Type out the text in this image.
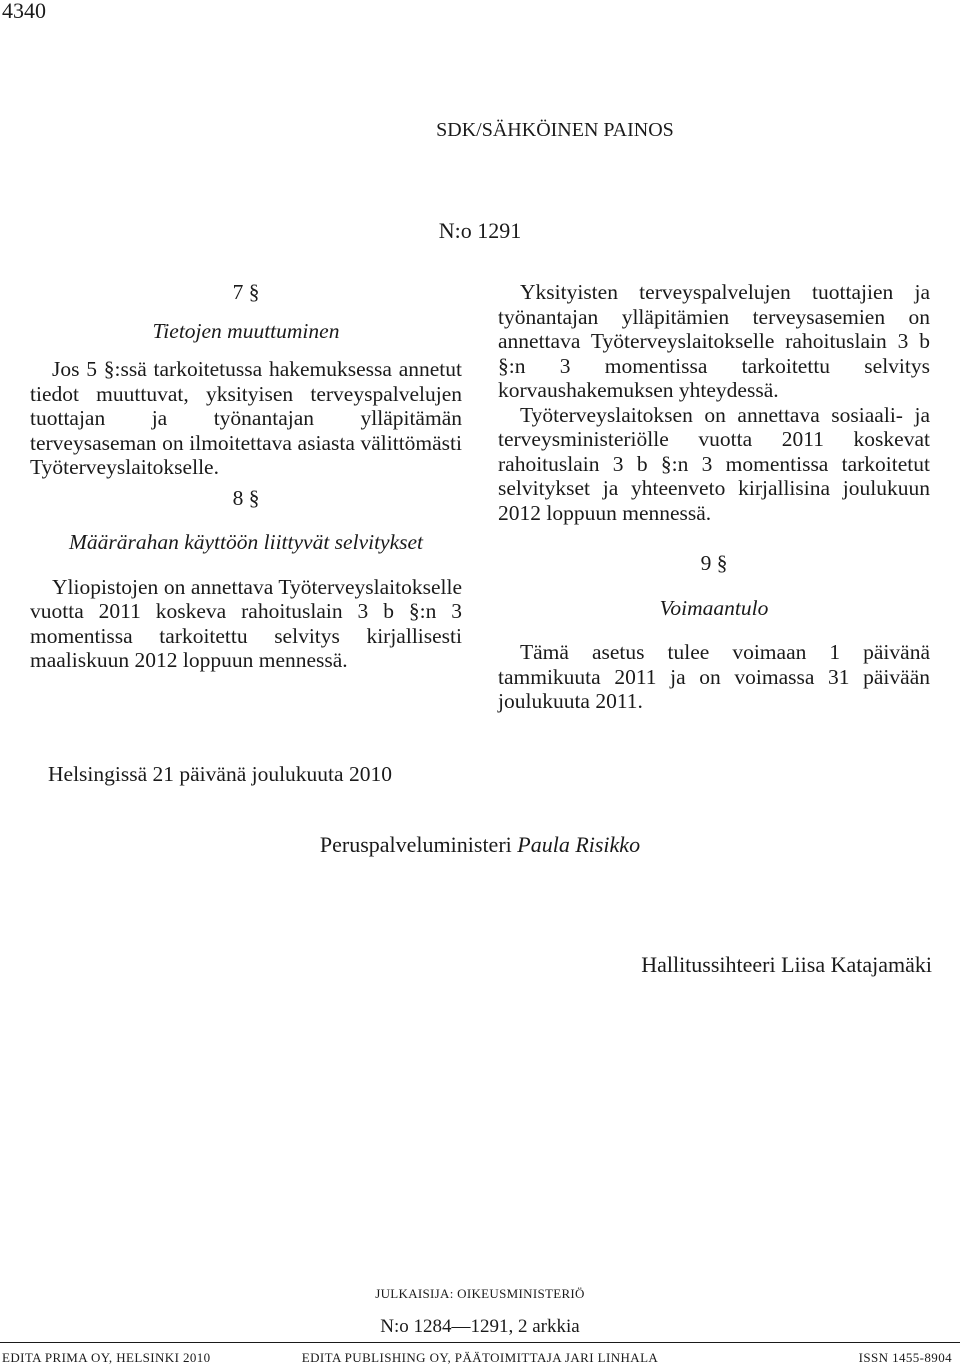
4340
SDK/SÄHKÖINEN PAINOS
N:o 1291
7 §
Tietojen muuttuminen

Jos 5 §:ssä tarkoitetussa hakemuksessa annetut tiedot muuttuvat, yksityisen terveyspalvelujen tuottajan ja työnantajan ylläpitämän terveysaseman on ilmoitettava asiasta välittömästi Työterveyslaitokselle.

8 §
Määrärahan käyttöön liittyvät selvitykset

Yliopistojen on annettava Työterveyslaitokselle vuotta 2011 koskeva rahoituslain 3 b §:n 3 momentissa tarkoitettu selvitys kirjallisesti maaliskuun 2012 loppuun mennessä.

Yksityisten terveyspalvelujen tuottajien ja työnantajan ylläpitämien terveysasemien on annettava Työterveyslaitokselle rahoituslain 3 b §:n 3 momentissa tarkoitettu selvitys korvaushakemuksen yhteydessä.

Työterveyslaitoksen on annettava sosiaali- ja terveysministeriölle vuotta 2011 koskevat rahoituslain 3 b §:n 3 momentissa tarkoitetut selvitykset ja yhteenveto kirjallisina joulukuun 2012 loppuun mennessä.

9 §
Voimaantulo

Tämä asetus tulee voimaan 1 päivänä tammikuuta 2011 ja on voimassa 31 päivään joulukuuta 2011.

Helsingissä 21 päivänä joulukuuta 2010
Peruspalveluministeri Paula Risikko
Hallitussihteeri Liisa Katajamäki
JULKAISIJA: OIKEUSMINISTERIÖ
N:o 1284—1291, 2 arkkia
EDITA PRIMA OY, HELSINKI 2010	EDITA PUBLISHING OY, PÄÄTOIMITTAJA JARI LINHALA	ISSN 1455-8904
